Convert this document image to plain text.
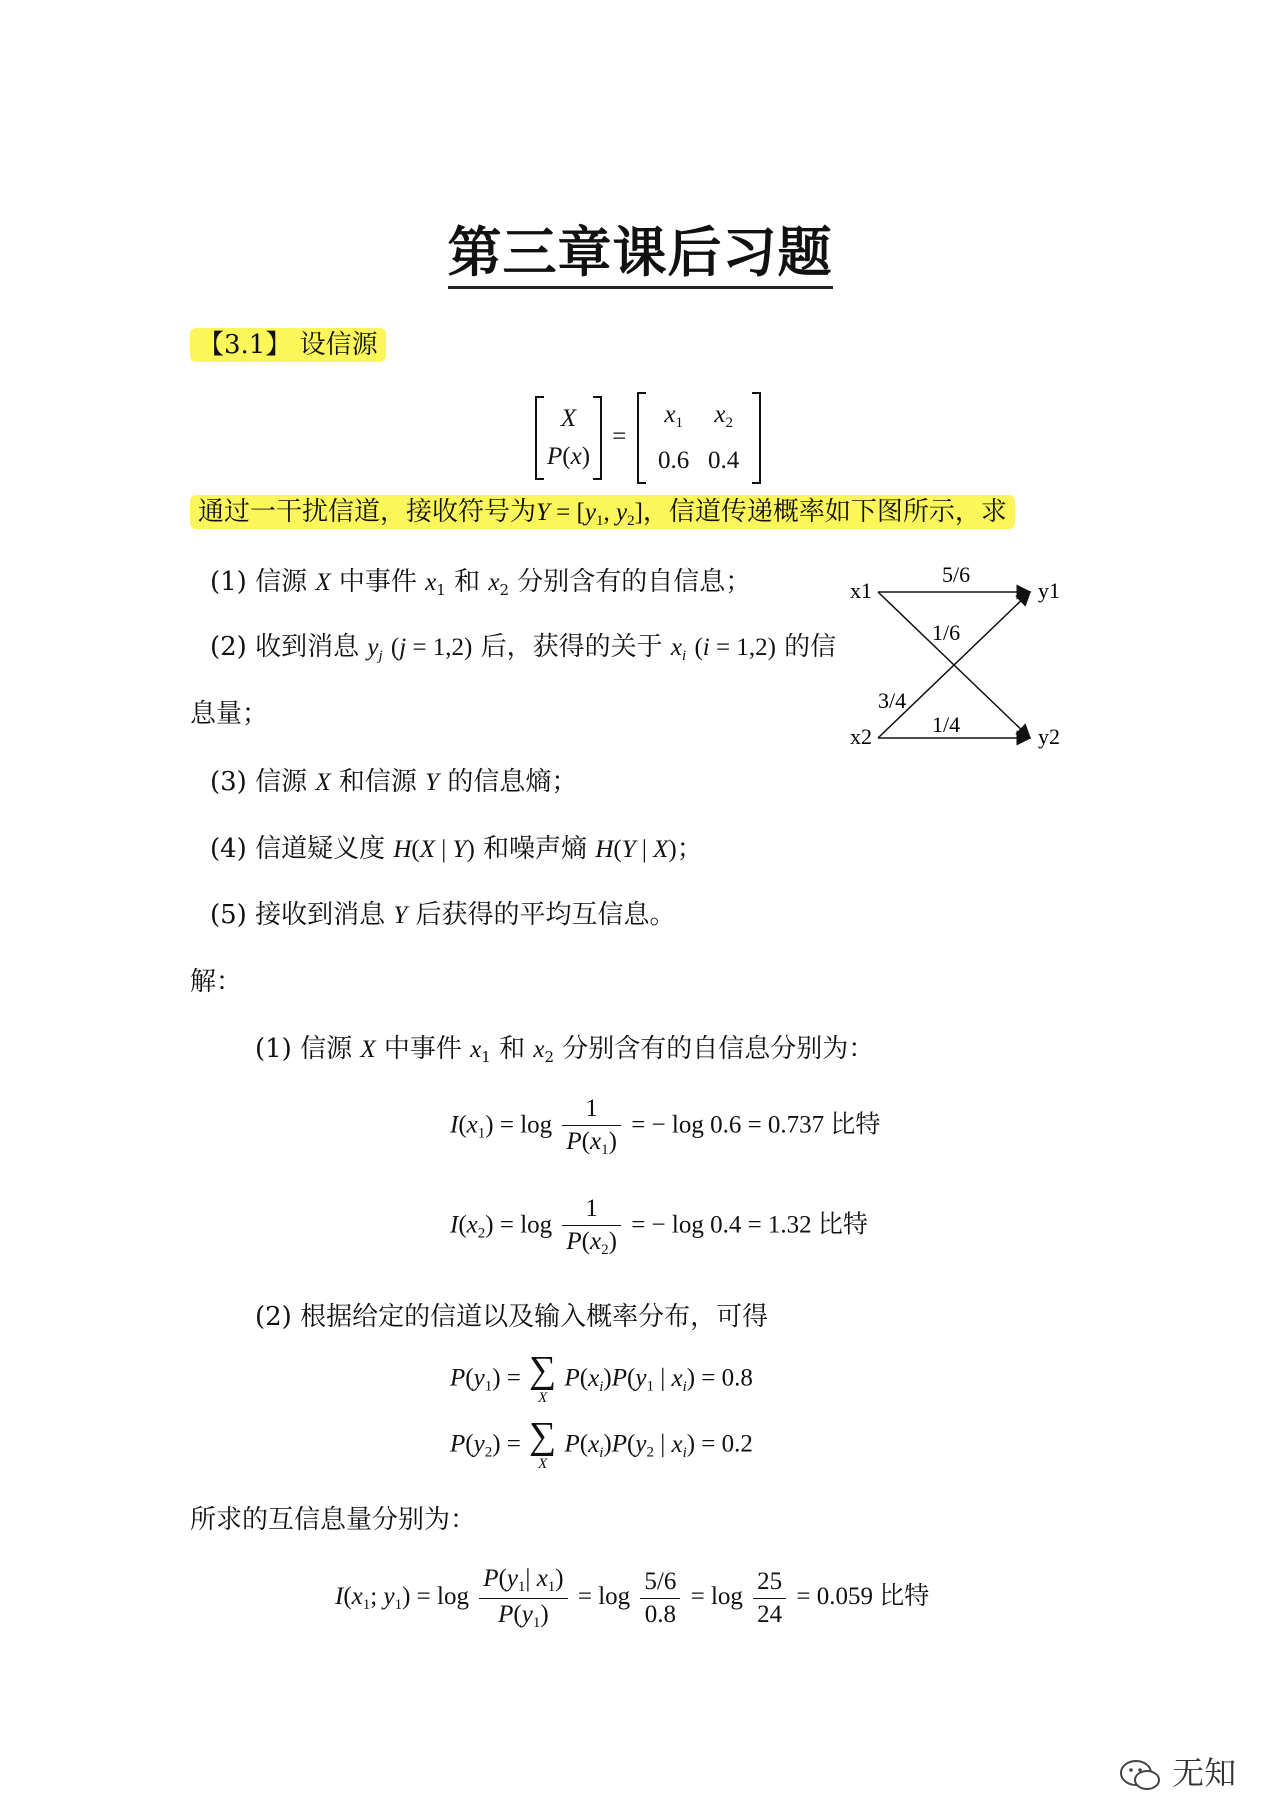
第三章课后习题
【3.1】 设信源
X
P(x)
=
$x_1$ $x_2$
0.6 0.4
通过一干扰信道，接收符号为$Y = [y_1$, $y_2$]，信道传递概率如下图所示，求
(1) 信源 X 中事件 $x_1$ 和 $x_2$ 分别含有的自信息；
(2) 收到消息 $y_j$ (j = 1,2) 后，获得的关于 $x_i$ (i = 1,2) 的信
息量；
(3) 信源 X 和信源 Y 的信息熵；
(4) 信道疑义度 H(X | Y) 和噪声熵 H(Y | X)；
(5) 接收到消息 Y 后获得的平均互信息。
x1
x2
y1
y2
5/6
1/6
3/4
1/4
解：
(1) 信源 X 中事件 $x_1$ 和 $x_2$ 分别含有的自信息分别为：
$I(x_1) = \log \frac{1}{P(x_1)}$ = − log 0.6 = 0.737 比特
$I(x_2) = \log \frac{1}{P(x_2)}$ = − log 0.4 = 1.32 比特
(2) 根据给定的信道以及输入概率分布，可得
$P(y_1)$ = ∑
X
$P(x_i)P(y_1$ | $x_i) = 0.8$
$P(y_2)$ = ∑
X
$P(x_i)P(y_2$ | $x_i) = 0.2$
所求的互信息量分别为：
$I(x_1$; $y_1) = \log \frac{P(y_1| x_1)}{P(y_1)} = \log \frac{5/6}{0.8} = \log \frac{25}{24} = 0.059$ 比特
无知
